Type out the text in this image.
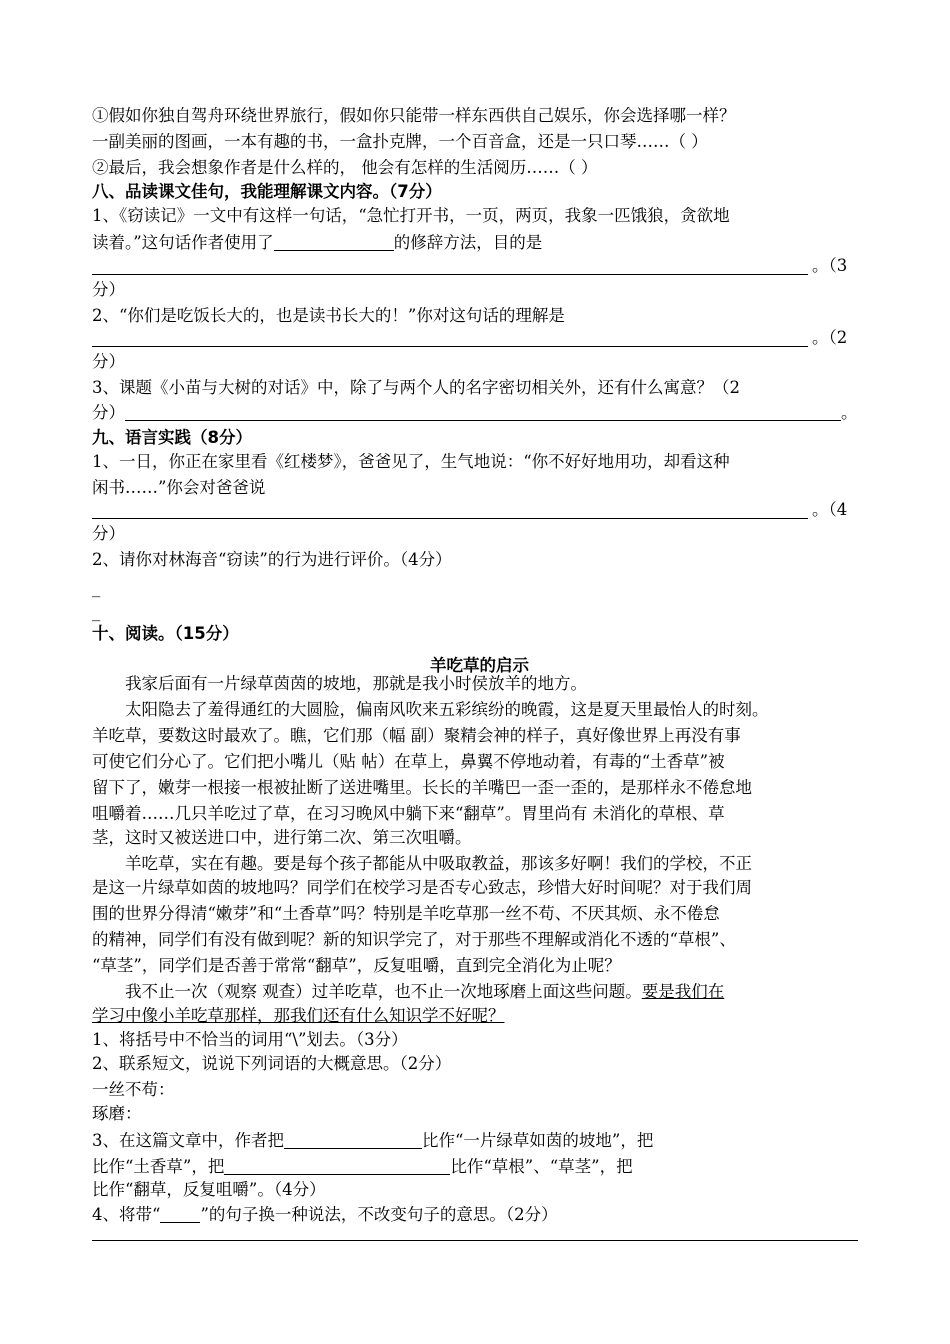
①假如你独自驾舟环绕世界旅行，假如你只能带一样东西供自己娱乐，你会选择哪一样？
一副美丽的图画，一本有趣的书，一盒扑克牌，一个百音盒，还是一只口琴……（ ）
②最后，我会想象作者是什么样的， 他会有怎样的生活阅历……（ ）
八、品读课文佳句，我能理解课文内容。（7分）
1、《窃读记》一文中有这样一句话，“急忙打开书，一页，两页，我象一匹饿狼，贪欲地
读着。”这句话作者使用了	的修辞方法，目的是
。（3
分）
2、“你们是吃饭长大的，也是读书长大的！”你对这句话的理解是
。（2
分）
3、课题《小苗与大树的对话》中，除了与两个人的名字密切相关外，还有什么寓意？（2
分）	。
九、语言实践（8分）
1、一日，你正在家里看《红楼梦》，爸爸见了，生气地说：“你不好好地用功，却看这种
闲书……”你会对爸爸说
。（4
分）
2、请你对林海音“窃读”的行为进行评价。（4分）
_
_
十、阅读。（15分）
羊吃草的启示
我家后面有一片绿草茵茵的坡地，那就是我小时侯放羊的地方。
太阳隐去了羞得通红的大圆脸，偏南风吹来五彩缤纷的晚霞，这是夏天里最怡人的时刻。
羊吃草，要数这时最欢了。瞧，它们那（幅 副）聚精会神的样子，真好像世界上再没有事
可使它们分心了。它们把小嘴儿（贴 帖）在草上，鼻翼不停地动着，有毒的“土香草”被
留下了，嫩芽一根接一根被扯断了送进嘴里。长长的羊嘴巴一歪一歪的，是那样永不倦怠地
咀嚼着……几只羊吃过了草，在习习晚风中躺下来“翻草”。胃里尚有 未消化的草根、草
茎，这时又被送进口中，进行第二次、第三次咀嚼。
羊吃草，实在有趣。要是每个孩子都能从中吸取教益，那该多好啊！我们的学校，不正
是这一片绿草如茵的坡地吗？同学们在校学习是否专心致志，珍惜大好时间呢？对于我们周
围的世界分得清“嫩芽”和“土香草”吗？特别是羊吃草那一丝不苟、不厌其烦、永不倦怠
的精神，同学们有没有做到呢？新的知识学完了，对于那些不理解或消化不透的“草根”、
“草茎”，同学们是否善于常常“翻草”，反复咀嚼，直到完全消化为止呢？
我不止一次（观察 观查）过羊吃草，也不止一次地琢磨上面这些问题。要是我们在
学习中像小羊吃草那样，那我们还有什么知识学不好呢？
1、将括号中不恰当的词用“\”划去。（3分）
2、联系短文，说说下列词语的大概意思。（2分）
一丝不苟：
琢磨：
3、在这篇文章中，作者把	比作“一片绿草如茵的坡地”，把
比作“土香草”，把	比作“草根”、“草茎”，把
比作“翻草，反复咀嚼”。（4分）
4、将带“ ”的句子换一种说法，不改变句子的意思。（2分）
